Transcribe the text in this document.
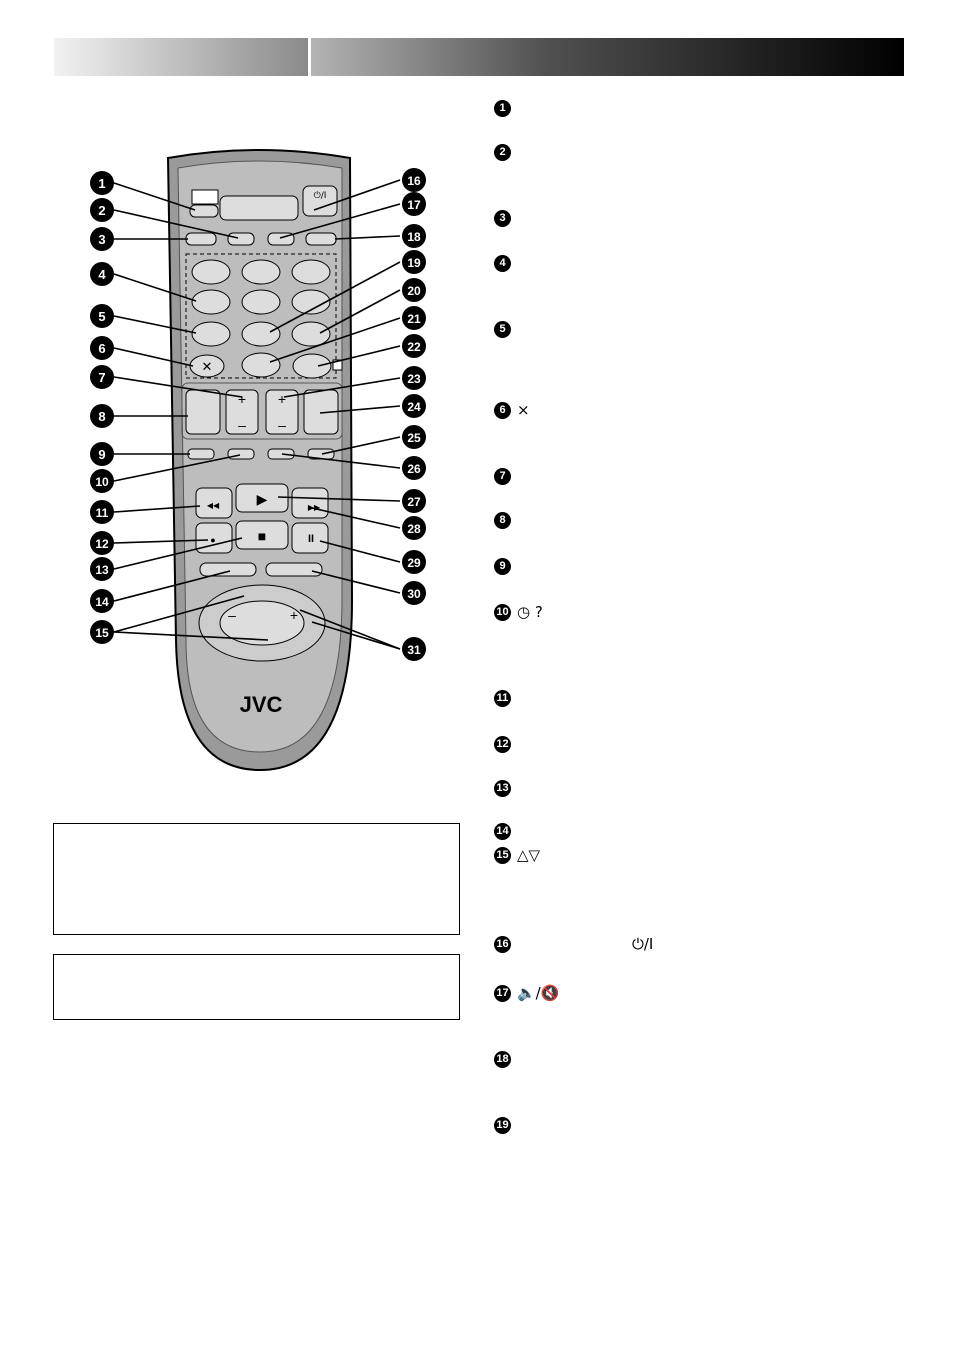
⏻/I
✕
+
–
+
–
▶
■	II
▶▶
◀◀
●
–	+
JVC
1
2
3
4
5
6
7
8
9
10
11
12
13
14
15
16
17
18
19
20
21
22
23
24
25
26
27
28
29
30
31
1
2
3
4
5
6 ×
7
8
9
10 ◷ ?
11
12
13
14
15 △▽
16	⏻/I
17 🔈/🔇
18
19
